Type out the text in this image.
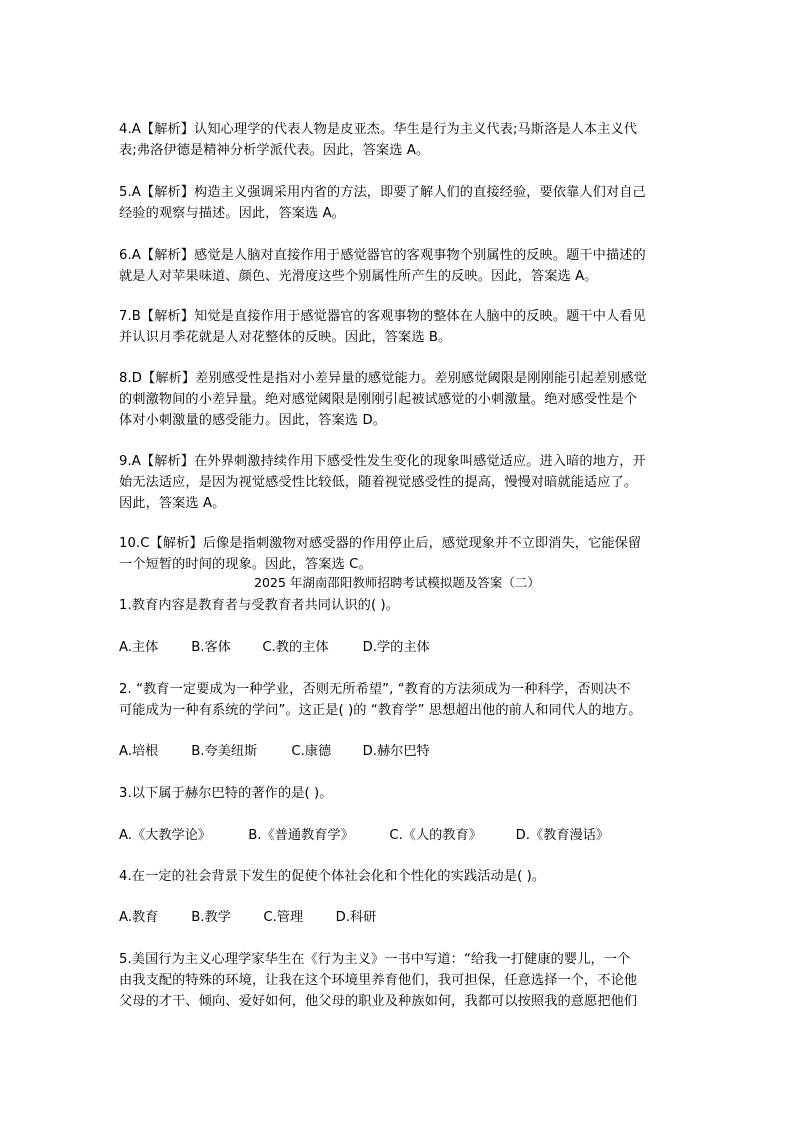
4.A【解析】认知心理学的代表人物是皮亚杰。华生是行为主义代表;马斯洛是人本主义代
表;弗洛伊德是精神分析学派代表。因此，答案选 A。
5.A【解析】构造主义强调采用内省的方法，即要了解人们的直接经验，要依靠人们对自己
经验的观察与描述。因此，答案选 A。
6.A【解析】感觉是人脑对直接作用于感觉器官的客观事物个别属性的反映。题干中描述的
就是人对苹果味道、颜色、光滑度这些个别属性所产生的反映。因此，答案选 A。
7.B【解析】知觉是直接作用于感觉器官的客观事物的整体在人脑中的反映。题干中人看见
并认识月季花就是人对花整体的反映。因此，答案选 B。
8.D【解析】差别感受性是指对小差异量的感觉能力。差别感觉阈限是刚刚能引起差别感觉
的刺激物间的小差异量。绝对感觉阈限是刚刚引起被试感觉的小刺激量。绝对感受性是个
体对小刺激量的感受能力。因此，答案选 D。
9.A【解析】在外界刺激持续作用下感受性发生变化的现象叫感觉适应。进入暗的地方，开
始无法适应，是因为视觉感受性比较低，随着视觉感受性的提高，慢慢对暗就能适应了。
因此，答案选 A。
10.C【解析】后像是指刺激物对感受器的作用停止后，感觉现象并不立即消失，它能保留
一个短暂的时间的现象。因此，答案选 C。
2025 年湖南邵阳教师招聘考试模拟题及答案（二）
1.教育内容是教育者与受教育者共同认识的( )。
A.主体 B.客体 C.教的主体	D.学的主体
2. “教育一定要成为一种学业，否则无所希望”, “教育的方法须成为一种科学，否则决不
可能成为一种有系统的学问”。这正是( )的 “教育学” 思想超出他的前人和同代人的地方。
A.培根 B.夸美纽斯	C.康德 D.赫尔巴特
3.以下属于赫尔巴特的著作的是( )。
A.《大教学论》	B.《普通教育学》	C.《人的教育》	D.《教育漫话》
4.在一定的社会背景下发生的促使个体社会化和个性化的实践活动是( )。
A.教育 B.教学 C.管理 D.科研
5.美国行为主义心理学家华生在《行为主义》一书中写道：“给我一打健康的婴儿，一个
由我支配的特殊的环境，让我在这个环境里养育他们，我可担保，任意选择一个，不论他
父母的才干、倾向、爱好如何，他父母的职业及种族如何，我都可以按照我的意愿把他们
